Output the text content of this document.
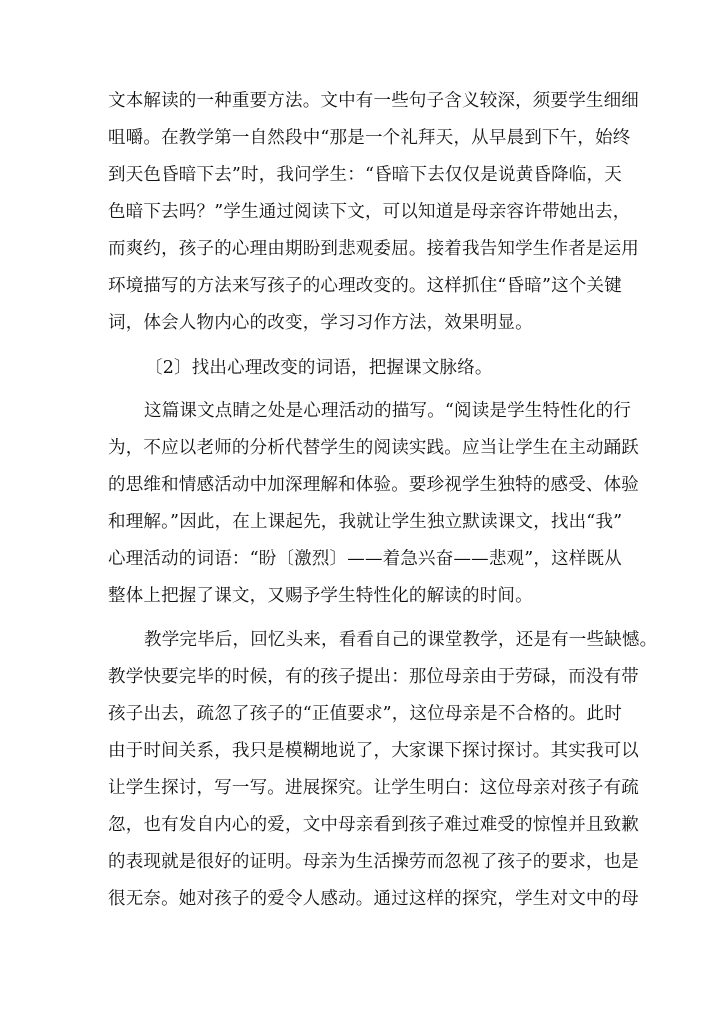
文本解读的一种重要方法。文中有一些句子含义较深，须要学生细细
咀嚼。在教学第一自然段中“那是一个礼拜天，从早晨到下午，始终
到天色昏暗下去”时，我问学生：“昏暗下去仅仅是说黄昏降临，天
色暗下去吗？”学生通过阅读下文，可以知道是母亲容许带她出去，
而爽约，孩子的心理由期盼到悲观委屈。接着我告知学生作者是运用
环境描写的方法来写孩子的心理改变的。这样抓住“昏暗”这个关键
词，体会人物内心的改变，学习习作方法，效果明显。
〔2〕找出心理改变的词语，把握课文脉络。
这篇课文点睛之处是心理活动的描写。“阅读是学生特性化的行
为，不应以老师的分析代替学生的阅读实践。应当让学生在主动踊跃
的思维和情感活动中加深理解和体验。要珍视学生独特的感受、体验
和理解。”因此，在上课起先，我就让学生独立默读课文，找出“我”
心理活动的词语：“盼〔激烈〕——着急兴奋——悲观”，这样既从
整体上把握了课文，又赐予学生特性化的解读的时间。
教学完毕后，回忆头来，看看自己的课堂教学，还是有一些缺憾。
教学快要完毕的时候，有的孩子提出：那位母亲由于劳碌，而没有带
孩子出去，疏忽了孩子的“正值要求”，这位母亲是不合格的。此时
由于时间关系，我只是模糊地说了，大家课下探讨探讨。其实我可以
让学生探讨，写一写。进展探究。让学生明白：这位母亲对孩子有疏
忽，也有发自内心的爱，文中母亲看到孩子难过难受的惊惶并且致歉
的表现就是很好的证明。母亲为生活操劳而忽视了孩子的要求，也是
很无奈。她对孩子的爱令人感动。通过这样的探究，学生对文中的母
